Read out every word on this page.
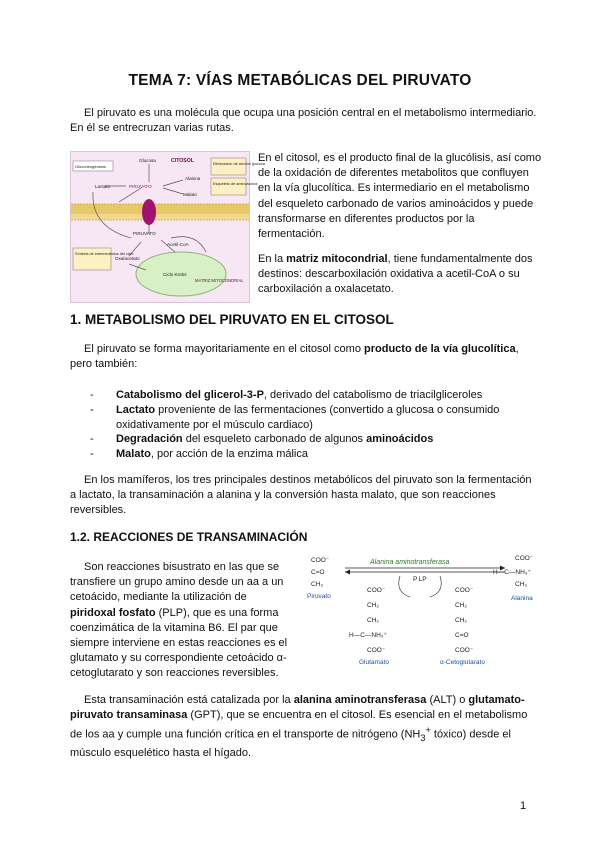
TEMA 7: VÍAS METABÓLICAS DEL PIRUVATO

El piruvato es una molécula que ocupa una posición central en el metabolismo intermediario. En él se entrecruzan varias rutas.

Glucosa	CITOSOL
Gluconeogénesis
Lactato	PIRUVATO
Alanina
Eliminación de alcohol glucosa
Esqueleto de aminoácidos
Malato
PIRUVATO
Acetil-CoA
Oxalacetato
Ciclo Krebs
Síntesis de intermediarios del ciclo
MATRIZ MITOCONDRIAL

En el citosol, es el producto final de la glucólisis, así como de la oxidación de diferentes metabolitos que confluyen en la vía glucolítica. Es intermediario en el metabolismo del esqueleto carbonado de varios aminoácidos y puede transformarse en diferentes productos por la fermentación.

En la matriz mitocondrial, tiene fundamentalmente dos destinos: descarboxilación oxidativa a acetil-CoA o su carboxilación a oxalacetato.

1. METABOLISMO DEL PIRUVATO EN EL CITOSOL

El piruvato se forma mayoritariamente en el citosol como producto de la vía glucolítica, pero también:

- Catabolismo del glicerol-3-P, derivado del catabolismo de triacilgliceroles
- Lactato proveniente de las fermentaciones (convertido a glucosa o consumido oxidativamente por el músculo cardiaco)
- Degradación del esqueleto carbonado de algunos aminoácidos
- Malato, por acción de la enzima málica

En los mamíferos, los tres principales destinos metabólicos del piruvato son la fermentación a lactato, la transaminación a alanina y la conversión hasta malato, que son reacciones reversibles.

1.2. REACCIONES DE TRANSAMINACIÓN

Son reacciones bisustrato en las que se transfiere un grupo amino desde un aa a un cetoácido, mediante la utilización de piridoxal fosfato (PLP), que es una forma coenzimática de la vitamina B6. El par que siempre interviene en estas reacciones es el glutamato y su correspondiente cetoácido α-cetoglutarato y son reacciones reversibles.

Alanina aminotransferasa
P LP
COO⁻
C=O
CH₃
Piruvato
COO⁻
H—C—NH₃⁺
CH₃
Alanina
COO⁻
CH₂
CH₂
H—C—NH₃⁺
COO⁻
Glutamato
COO⁻
CH₂
CH₂
C=O
COO⁻
α-Cetoglutarato

Esta transaminación está catalizada por la alanina aminotransferasa (ALT) o glutamato-piruvato transaminasa (GPT), que se encuentra en el citosol. Es esencial en el metabolismo de los aa y cumple una función crítica en el transporte de nitrógeno ($NH_3^+$ tóxico) desde el músculo esquelético hasta el hígado.

1
